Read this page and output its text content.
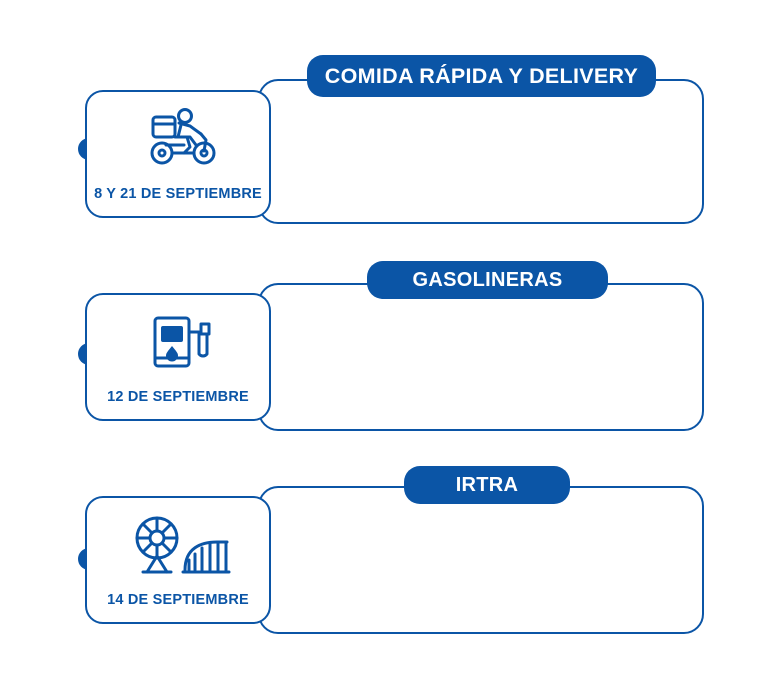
COMIDA RÁPIDA Y DELIVERY
8 Y 21 DE SEPTIEMBRE
GASOLINERAS
12 DE SEPTIEMBRE
IRTRA
14 DE SEPTIEMBRE
